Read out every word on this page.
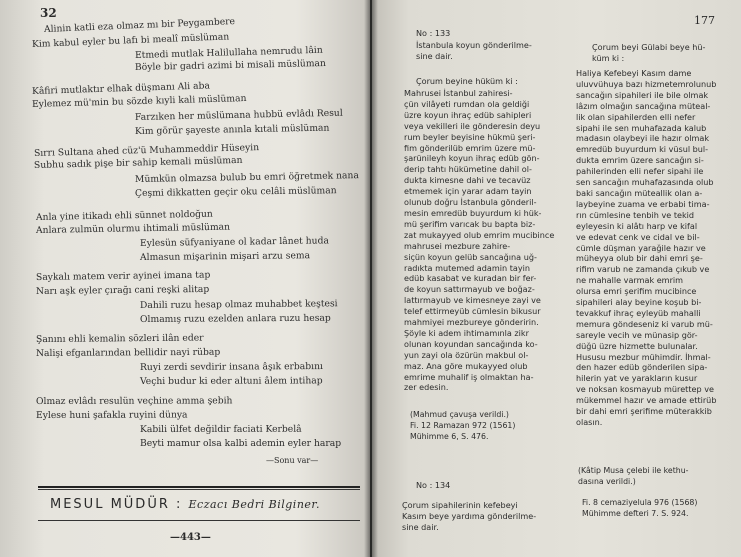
32
Alinin katli eza olmaz mı bir Peygambere
Kim kabul eyler bu lafı bi mealî müslüman
Etmedi mutlak Halilullaha nemrudu lâin
Böyle bir gadri azimi bi misali müslüman
Kâfiri mutlaktır elhak düşmanı Ali aba
Eylemez mü'min bu sözde kıyli kali müslüman
Farzıken her müslümana hubbü evlâdı Resul
Kim görür şayeste anınla kıtali müslüman
Sırrı Sultana ahed cüz'ü Muhammeddir Hüseyin
Subhu sadık pişe bir sahip kemali müslüman
Mümkün olmazsa bulub bu emri öğretmek nana
Çeşmi dikkatten geçir oku celâli müslüman
Anla yine itikadı ehli sünnet noldoğun
Anlara zulmün olurmu ihtimali müslüman
Eylesün süfyaniyane ol kadar lânet huda
Almasun mişarinin mişari arzu sema
Saykalı matem verir ayinei imana tap
Narı aşk eyler çırağı cani reşki alitap
Dahili ruzu hesap olmaz muhabbet keştesi
Olmamış ruzu ezelden anlara ruzu hesap
Şanını ehli kemalin sözleri ilân eder
Nalişi efganlarından bellidir nayi rübap
Ruyi zerdi sevdirir insana âşık erbabını
Veçhi budur ki eder altuni âlem intihap
Olmaz evlâdı resulün veçhine amma şebih
Eylese huni şafakla ruyini dünya
Kabili ülfet değildir faciati Kerbelâ
Beyti mamur olsa kalbi ademin eyler harap
—Sonu var—
MESUL MÜDÜR : Eczacı Bedri Bilginer.
—443—
177
No : 133
İstanbula koyun gönderilme-
sine dair.
Çorum beyine hüküm ki :
Mahrusei İstanbul zahiresi-
çün vilâyeti rumdan ola geldiği
üzre koyun ihraç edüb sahipleri
veya vekilleri ile gönderesin deyu
rum beyler beyisine hükmü şeri-
fim gönderilüb emrim üzere mü-
şarünileyh koyun ihraç edüb gön-
derip tahtı hükümetine dahil ol-
dukta kimesne dahi ve tecavüz
etmemek için yarar adam tayin
olunub doğru İstanbula gönderil-
mesin emredüb buyurdum ki hük-
mü şerifim varıcak bu bapta biz-
zat mukayyed olub emrim mucibince
mahrusei mezbure zahire-
siçün koyun gelüb sancağına uğ-
radıkta mutemed adamin tayin
edüb kasabat ve kuradan bir fer-
de koyun sattırmayub ve boğaz-
lattırmayub ve kimesneye zayi ve
telef ettirmeyüb cümlesin bikusur
mahmiyei mezbureye gönderirin.
Şöyle ki adem ihtimamınla zikr
olunan koyundan sancağında ko-
yun zayi ola özürün makbul ol-
maz. Ana göre mukayyed olub
emrime muhalif iş olmaktan ha-
zer edesin.
(Mahmud çavuşa verildi.)
Fi. 12 Ramazan 972 (1561)
Mühimme 6, S. 476.
No : 134
Çorum sipahilerinin kefebeyi
Kasım beye yardıma gönderilme-
sine dair.
Çorum beyi Gülabi beye hü-
küm ki :
Haliya Kefebeyi Kasım dame
uluvvühuya bazı hizmetemrolunub
sancağın sipahileri ile bile olmak
lâzım olmağın sancağına müteal-
lik olan sipahilerden elli nefer
sipahi ile sen muhafazada kalub
madasın olaybeyi ile hazır olmak
emredüb buyurdum ki vüsul bul-
dukta emrim üzere sancağın si-
pahilerinden elli nefer sipahi ile
sen sancağın muhafazasında olub
baki sancağın müteallik olan a-
laybeyine zuama ve erbabi tima-
rın cümlesine tenbih ve tekid
eyleyesin ki alâtı harp ve kifal
ve edevat cenk ve cidal ve bil-
cümle düşman yarağile hazır ve
müheyya olub bir dahi emri şe-
rifim varub ne zamanda çıkub ve
ne mahalle varmak emrim
olursa emri şerifim mucibince
sipahileri alay beyine koşub bi-
tevakkuf ihraç eyleyüb mahalli
memura göndeseniz ki varub mü-
sareyle vecih ve münasip gör-
düğü üzre hizmette bulunalar.
Hususu mezbur mühimdir. İhmal-
den hazer edüb gönderilen sipa-
hilerin yat ve yarakların kusur
ve noksan kosmayub mürettep ve
mükemmel hazır ve amade ettirüb
bir dahi emri şerifime müterakkib
olasın.
(Kâtip Musa çelebi ile kethu-
dasına verildi.)
Fi. 8 cemaziyelula 976 (1568)
Mühimme defteri 7. S. 924.
